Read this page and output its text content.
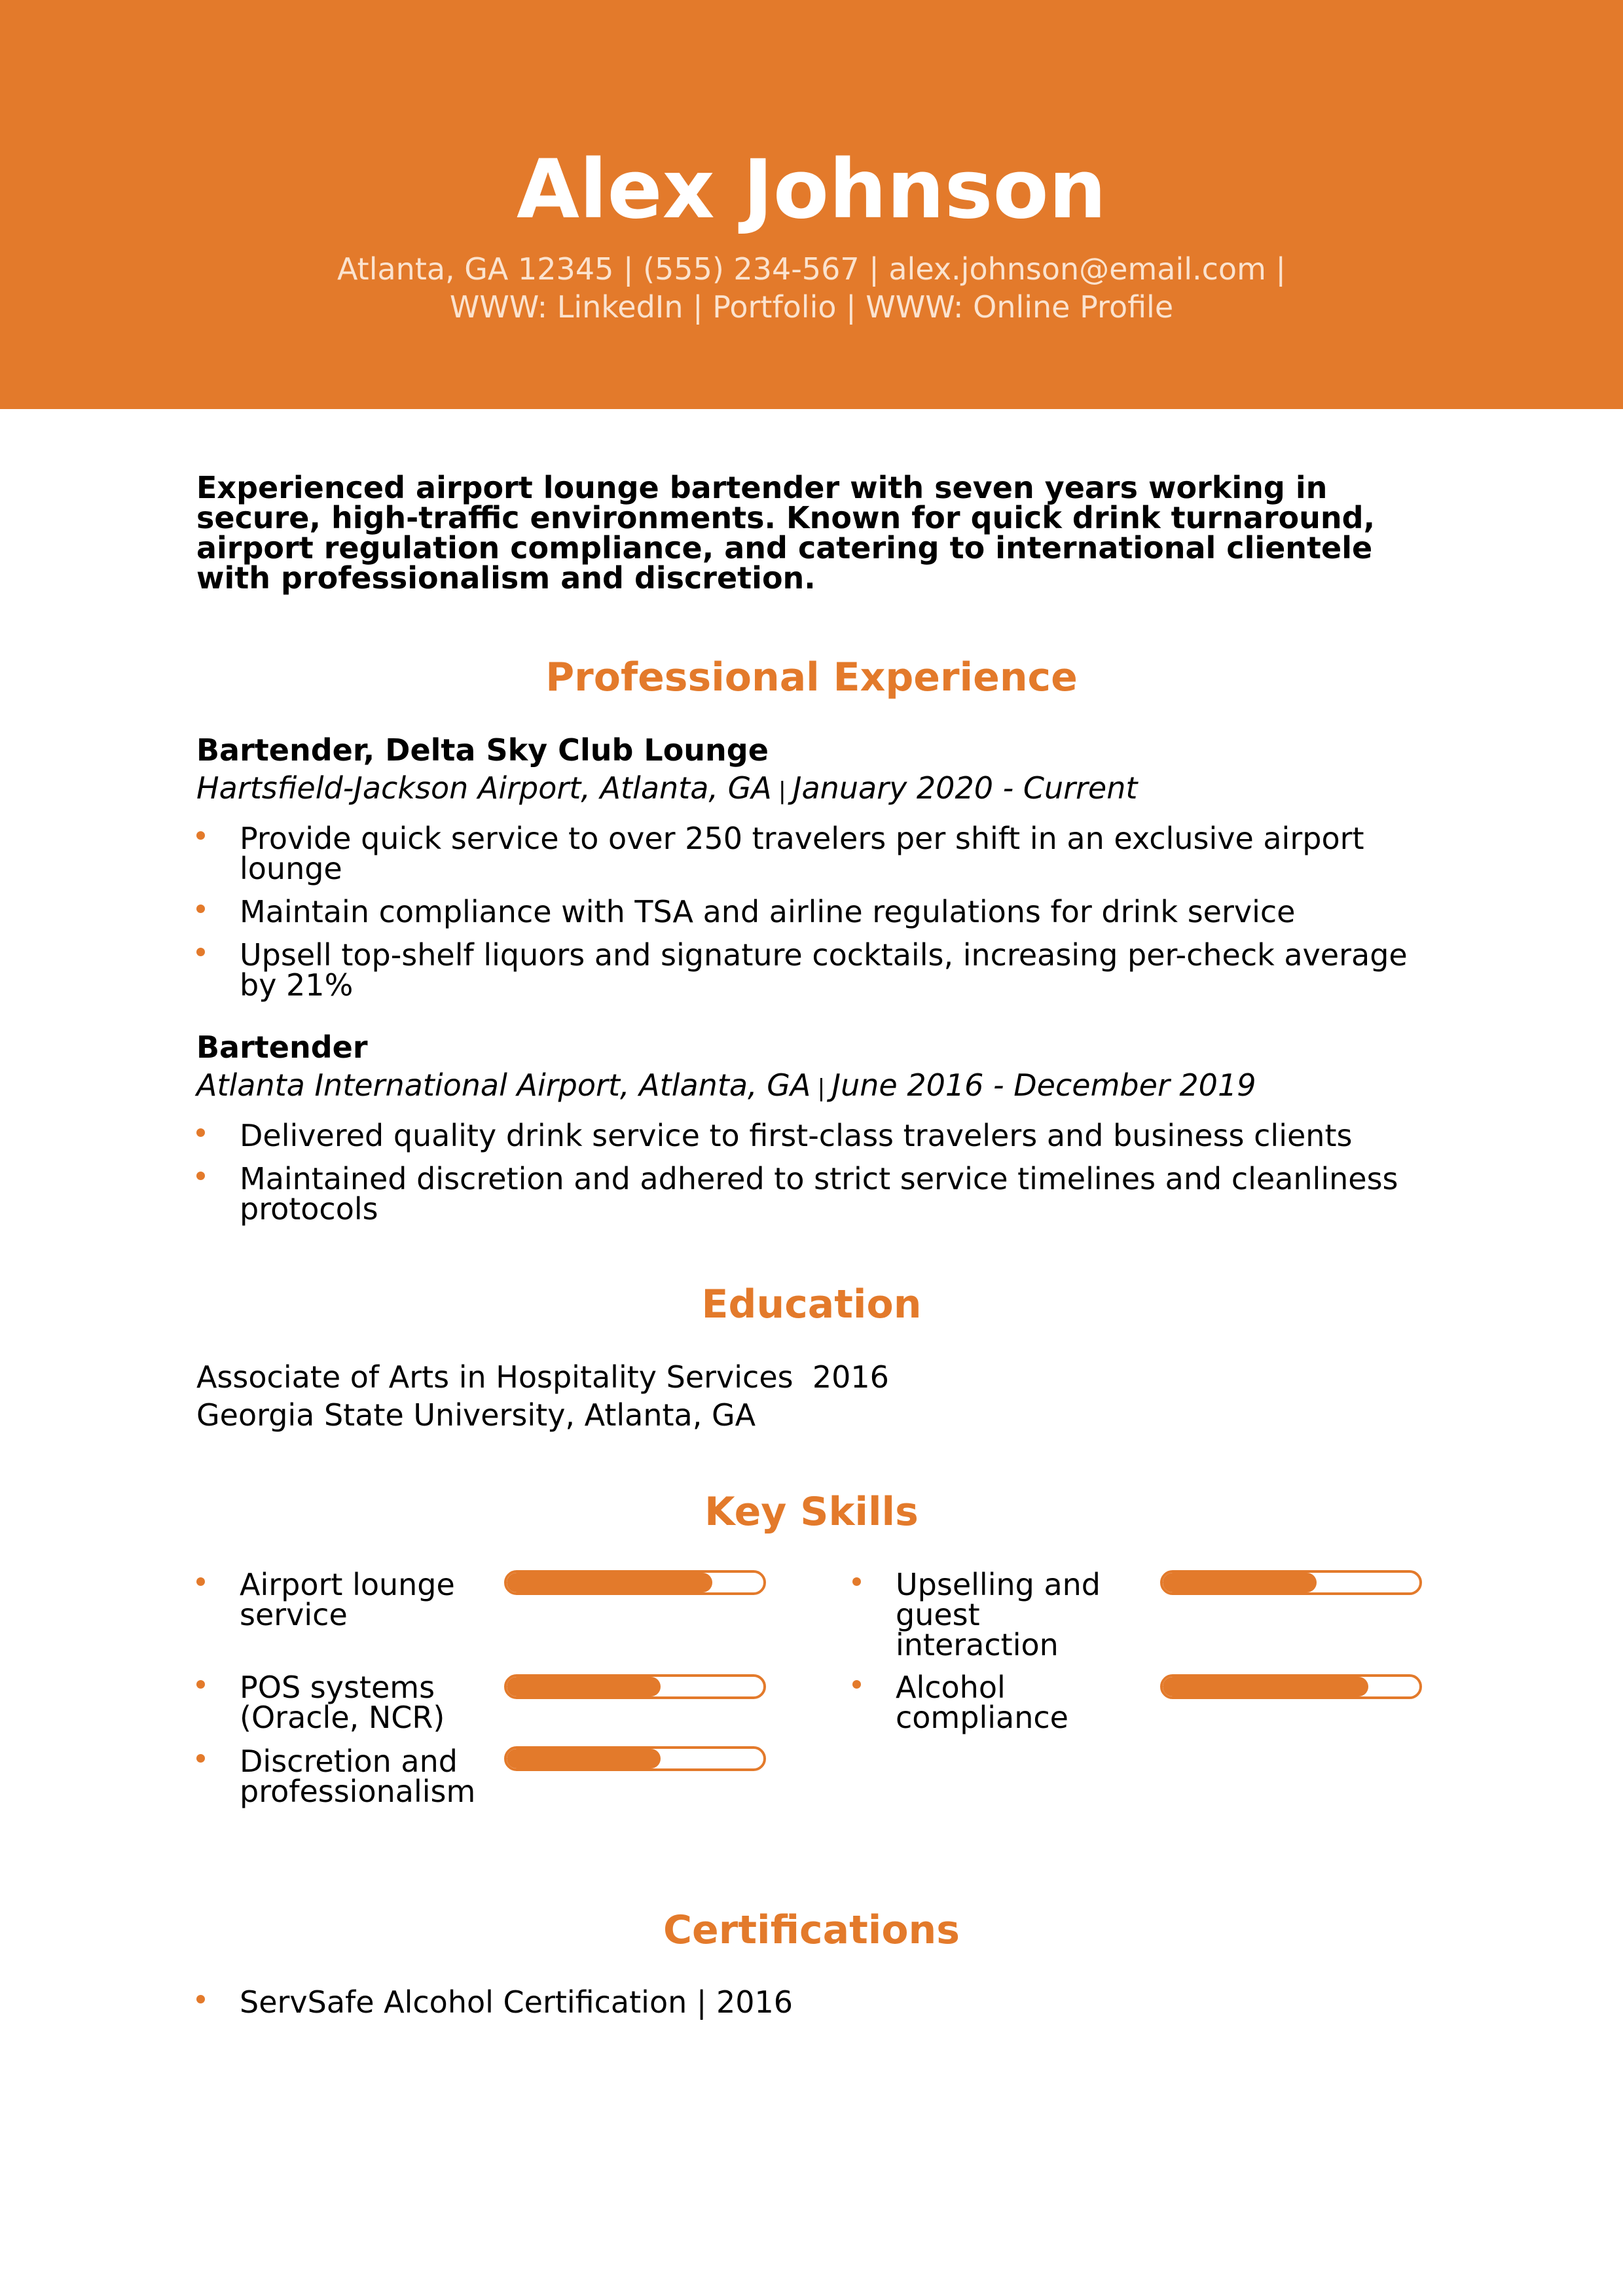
Alex Johnson
Atlanta, GA 12345 | (555) 234-567 | alex.johnson@email.com |
WWW: LinkedIn | Portfolio | WWW: Online Profile

Experienced airport lounge bartender with seven years working in secure, high-traffic environments. Known for quick drink turnaround, airport regulation compliance, and catering to international clientele with professionalism and discretion.

Professional Experience
Bartender, Delta Sky Club Lounge
Hartsfield-Jackson Airport, Atlanta, GA | January 2020 - Current
Provide quick service to over 250 travelers per shift in an exclusive airport lounge
Maintain compliance with TSA and airline regulations for drink service
Upsell top-shelf liquors and signature cocktails, increasing per-check average by 21%
Bartender
Atlanta International Airport, Atlanta, GA | June 2016 - December 2019
Delivered quality drink service to first-class travelers and business clients
Maintained discretion and adhered to strict service timelines and cleanliness protocols
Education
Associate of Arts in Hospitality Services 2016
Georgia State University, Atlanta, GA
Key Skills
Airport lounge service
Upselling and guest interaction
POS systems (Oracle, NCR)
Alcohol compliance
Discretion and professionalism
Certifications
ServSafe Alcohol Certification | 2016
